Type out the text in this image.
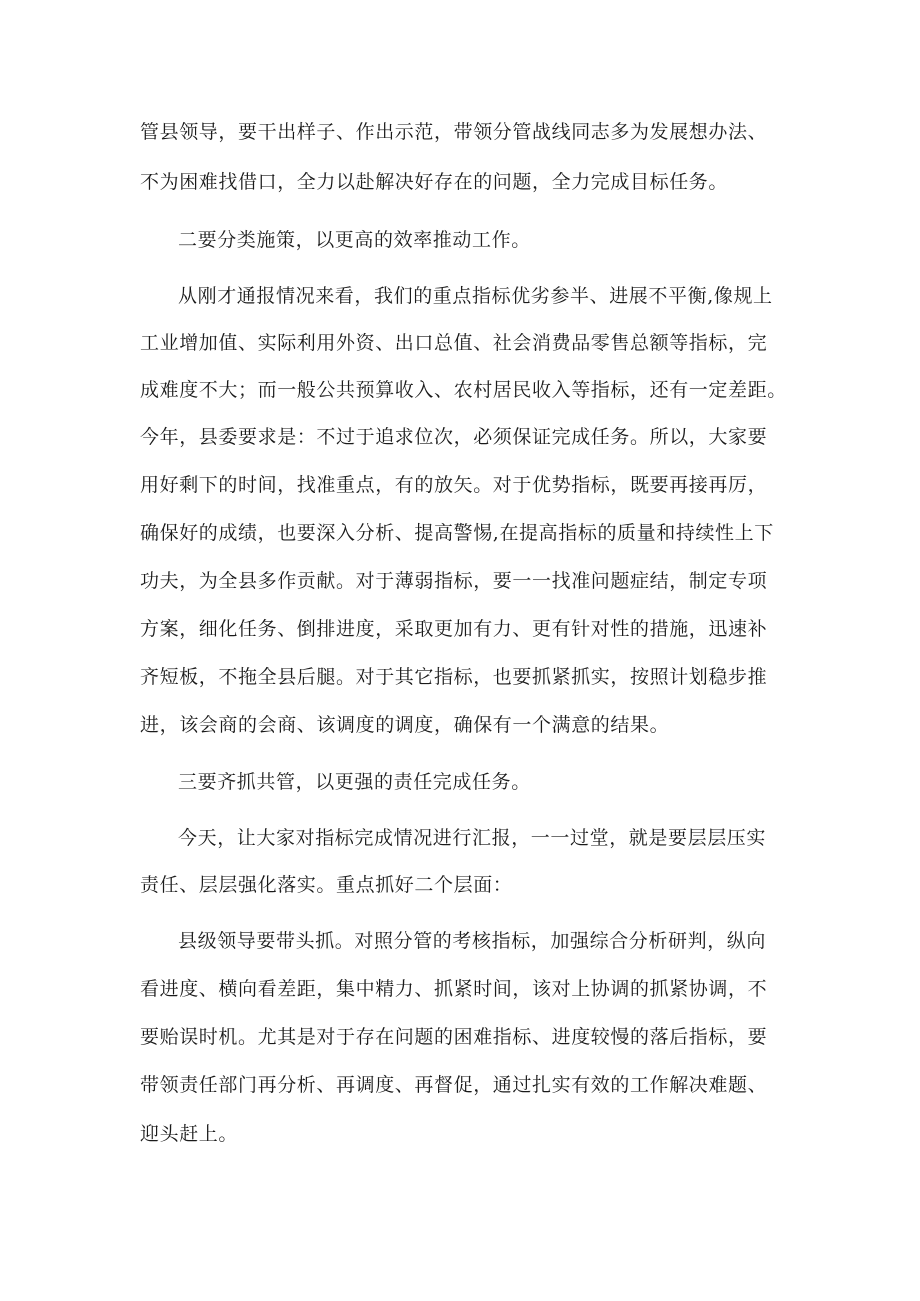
管县领导，要干出样子、作出示范，带领分管战线同志多为发展想办法、

不为困难找借口，全力以赴解决好存在的问题，全力完成目标任务。

二要分类施策，以更高的效率推动工作。

从刚才通报情况来看，我们的重点指标优劣参半、进展不平衡,像规上

工业增加值、实际利用外资、出口总值、社会消费品零售总额等指标，完

成难度不大；而一般公共预算收入、农村居民收入等指标，还有一定差距。

今年，县委要求是：不过于追求位次，必须保证完成任务。所以，大家要

用好剩下的时间，找准重点，有的放矢。对于优势指标，既要再接再厉，

确保好的成绩，也要深入分析、提高警惕,在提高指标的质量和持续性上下

功夫，为全县多作贡献。对于薄弱指标，要一一找准问题症结，制定专项

方案，细化任务、倒排进度，采取更加有力、更有针对性的措施，迅速补

齐短板，不拖全县后腿。对于其它指标，也要抓紧抓实，按照计划稳步推

进，该会商的会商、该调度的调度，确保有一个满意的结果。

三要齐抓共管，以更强的责任完成任务。

今天，让大家对指标完成情况进行汇报，一一过堂，就是要层层压实

责任、层层强化落实。重点抓好二个层面：

县级领导要带头抓。对照分管的考核指标，加强综合分析研判，纵向

看进度、横向看差距，集中精力、抓紧时间，该对上协调的抓紧协调，不

要贻误时机。尤其是对于存在问题的困难指标、进度较慢的落后指标，要

带领责任部门再分析、再调度、再督促，通过扎实有效的工作解决难题、

迎头赶上。
